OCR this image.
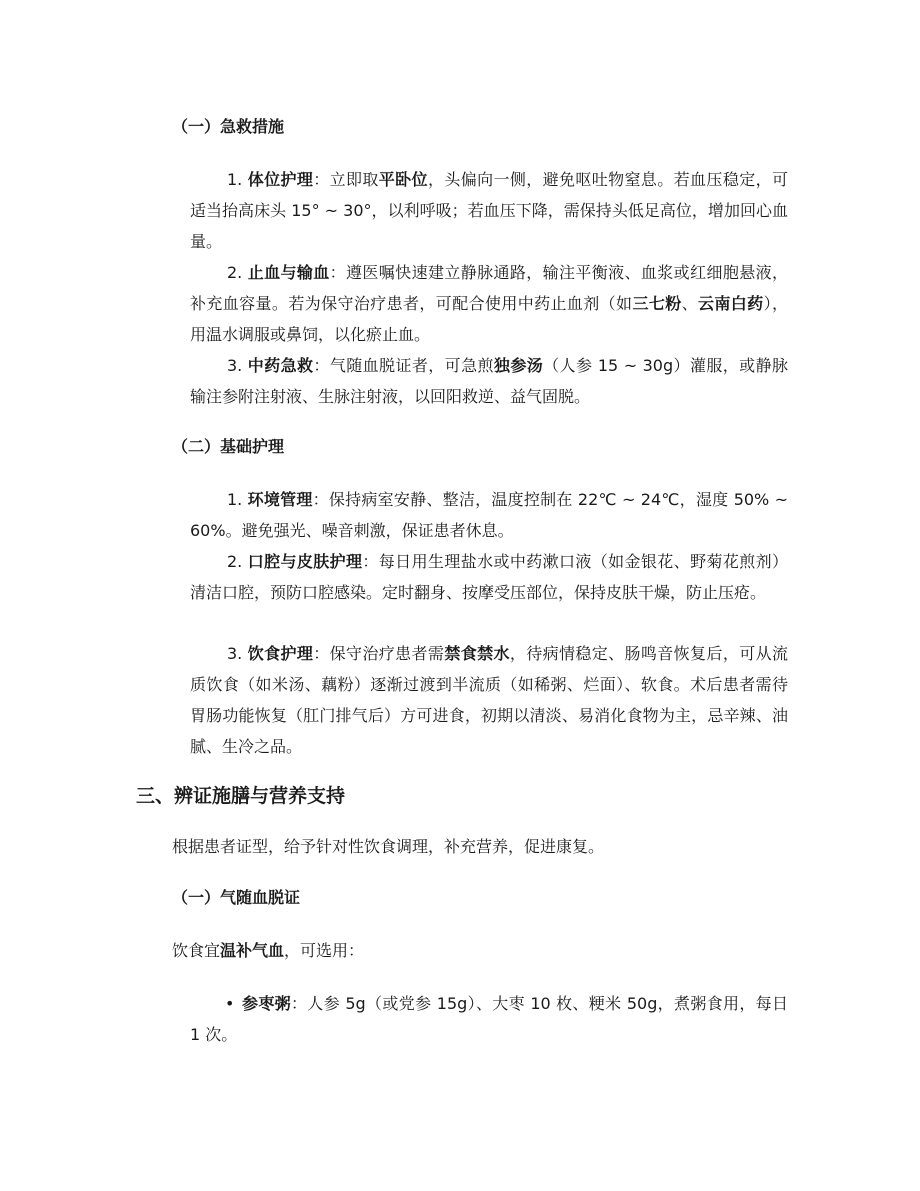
（一）急救措施
1. 体位护理：立即取平卧位，头偏向一侧，避免呕吐物窒息。若血压稳定，可适当抬高床头 15° ~ 30°，以利呼吸；若血压下降，需保持头低足高位，增加回心血量。
2. 止血与输血：遵医嘱快速建立静脉通路，输注平衡液、血浆或红细胞悬液，补充血容量。若为保守治疗患者，可配合使用中药止血剂（如三七粉、云南白药），用温水调服或鼻饲，以化瘀止血。
3. 中药急救：气随血脱证者，可急煎独参汤（人参 15 ~ 30g）灌服，或静脉输注参附注射液、生脉注射液，以回阳救逆、益气固脱。
（二）基础护理
1. 环境管理：保持病室安静、整洁，温度控制在 22℃ ~ 24℃，湿度 50% ~ 60%。避免强光、噪音刺激，保证患者休息。
2. 口腔与皮肤护理：每日用生理盐水或中药漱口液（如金银花、野菊花煎剂）清洁口腔，预防口腔感染。定时翻身、按摩受压部位，保持皮肤干燥，防止压疮。
3. 饮食护理：保守治疗患者需禁食禁水，待病情稳定、肠鸣音恢复后，可从流质饮食（如米汤、藕粉）逐渐过渡到半流质（如稀粥、烂面）、软食。术后患者需待胃肠功能恢复（肛门排气后）方可进食，初期以清淡、易消化食物为主，忌辛辣、油腻、生冷之品。
三、辨证施膳与营养支持
根据患者证型，给予针对性饮食调理，补充营养，促进康复。
（一）气随血脱证
饮食宜温补气血，可选用：
• 参枣粥：人参 5g（或党参 15g）、大枣 10 枚、粳米 50g，煮粥食用，每日 1 次。
